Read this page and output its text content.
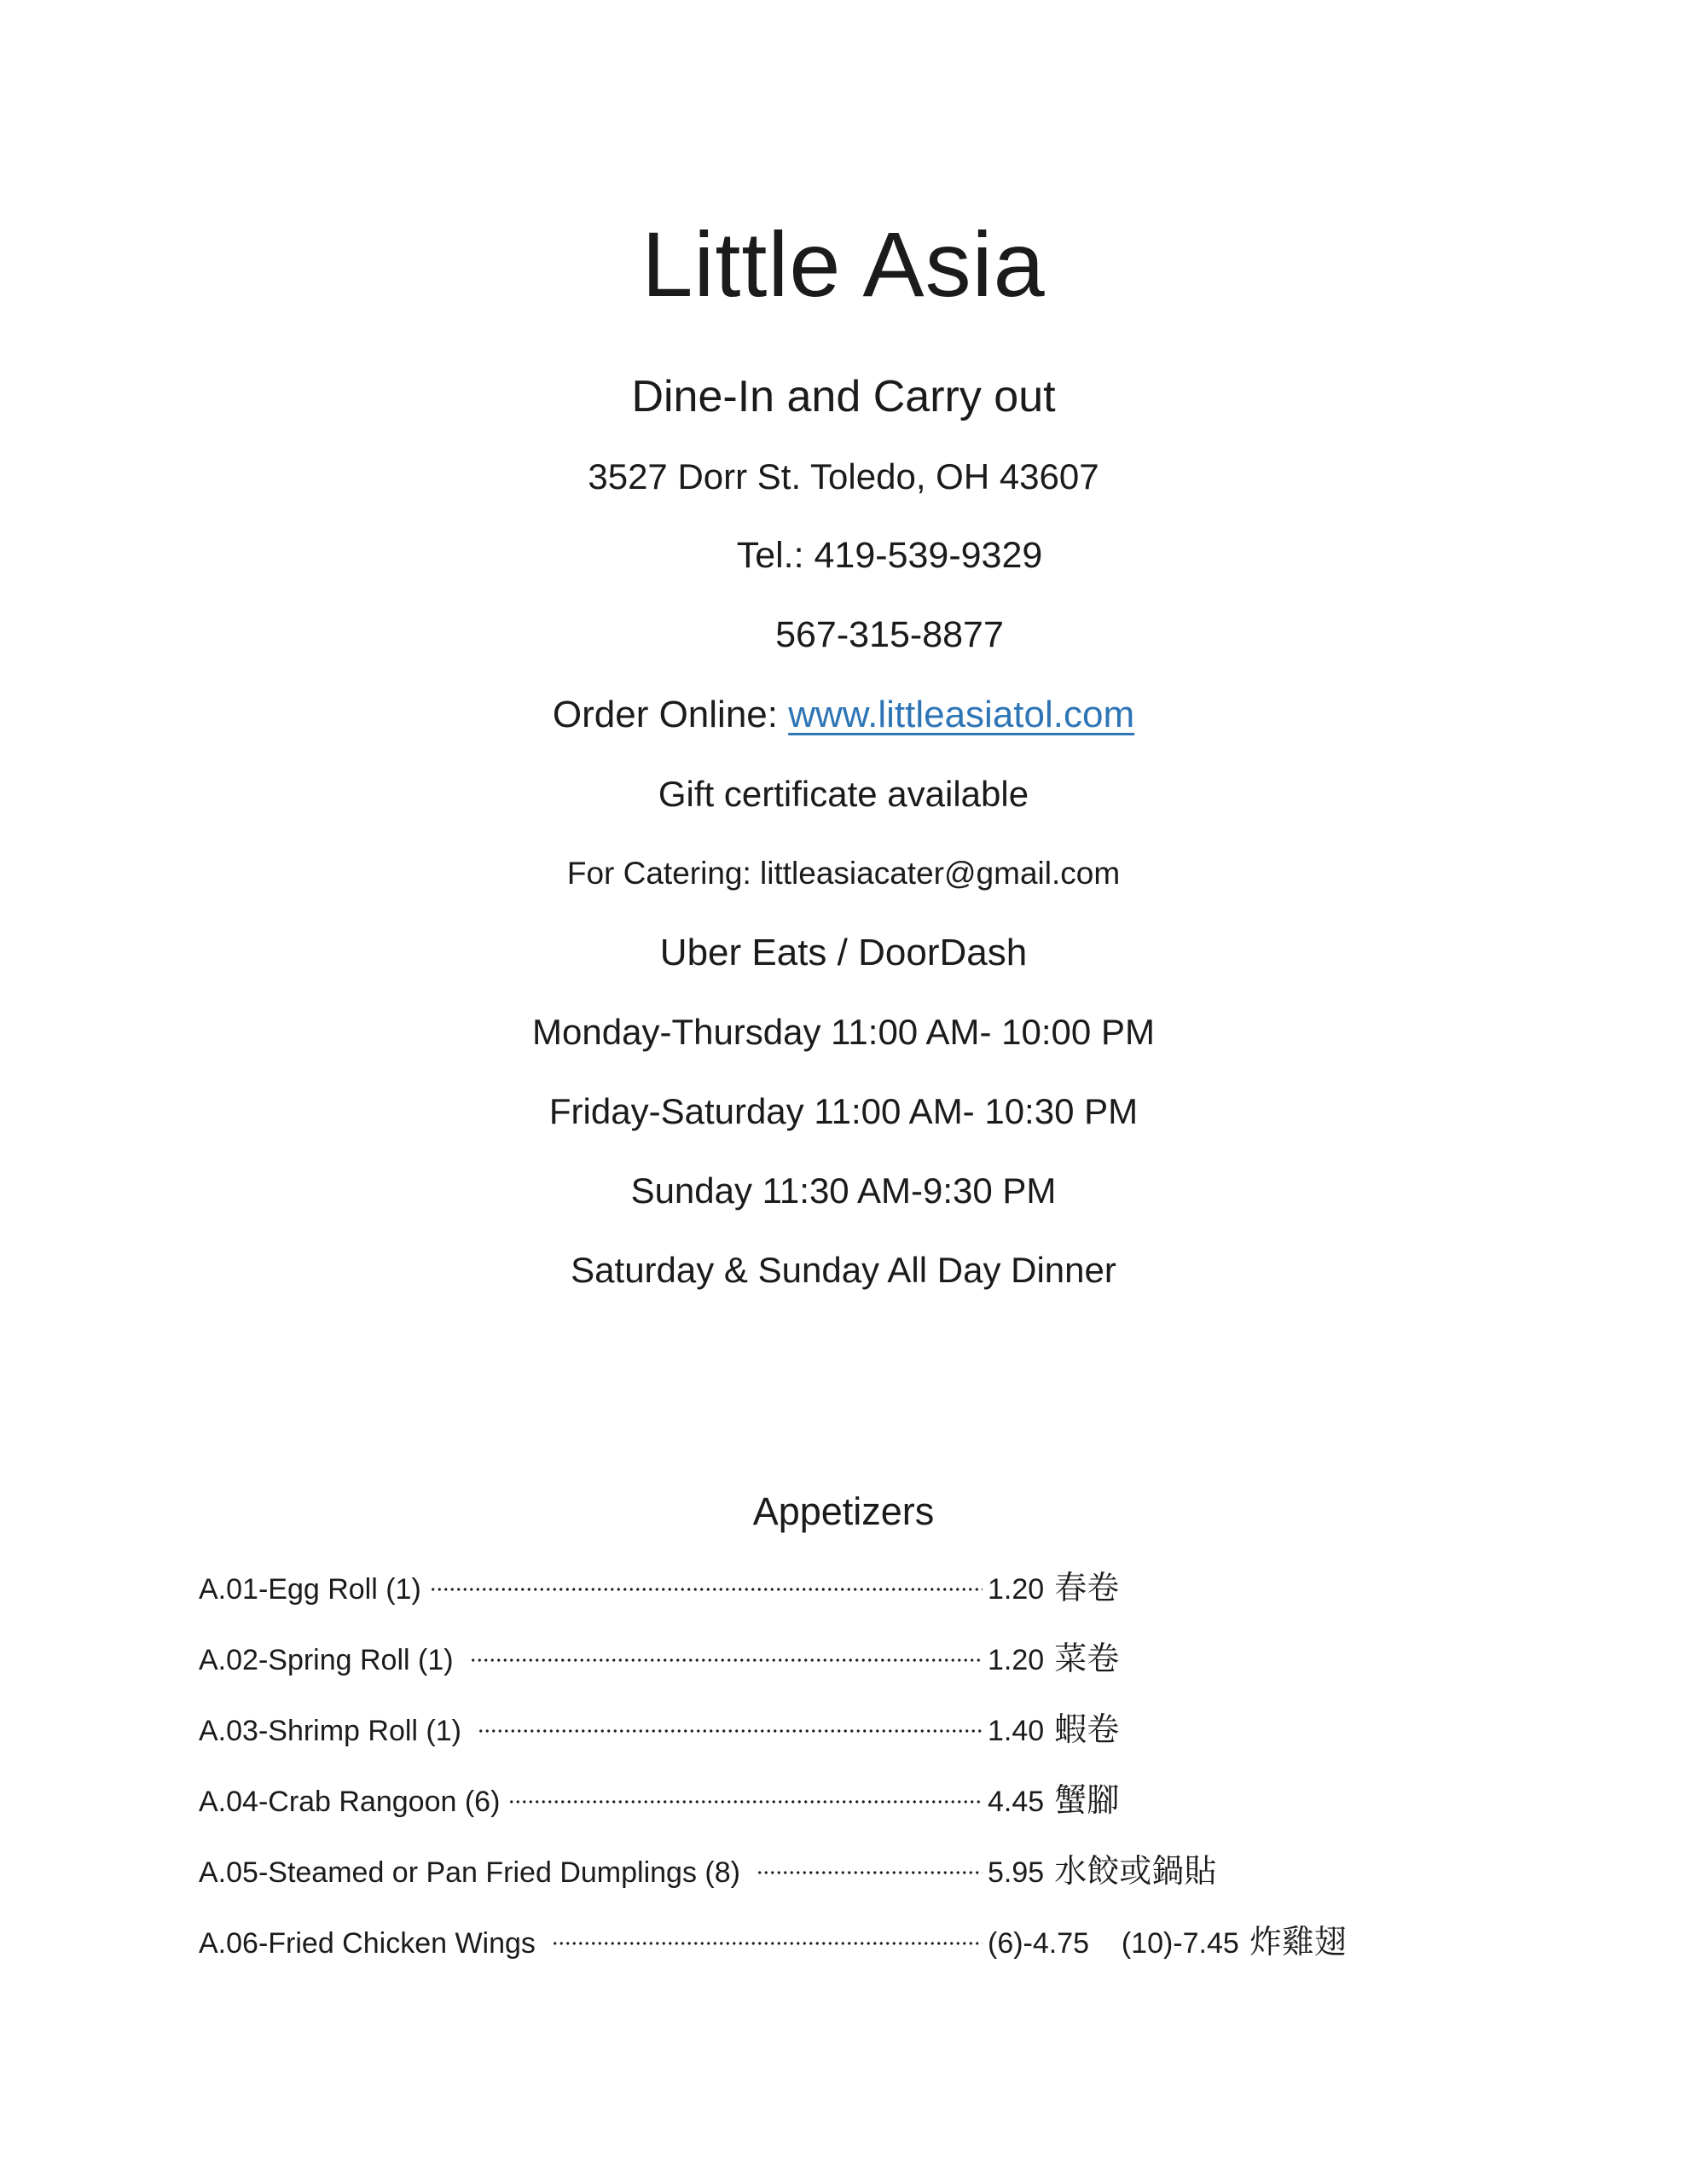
Little Asia

Dine-In and Carry out

3527 Dorr St. Toledo, OH 43607

Tel.: 419-539-9329

567-315-8877

Order Online: www.littleasiatol.com

Gift certificate available

For Catering: littleasiacater@gmail.com

Uber Eats / DoorDash

Monday-Thursday 11:00 AM- 10:00 PM

Friday-Saturday 11:00 AM- 10:30 PM

Sunday 11:30 AM-9:30 PM

Saturday & Sunday All Day Dinner

Appetizers
A.01-Egg Roll (1)	1.20 春卷
A.02-Spring Roll (1)	1.20 菜卷
A.03-Shrimp Roll (1)	1.40 蝦卷
A.04-Crab Rangoon (6)	4.45 蟹腳
A.05-Steamed or Pan Fried Dumplings (8)	5.95 水餃或鍋貼
A.06-Fried Chicken Wings	(6)-4.75    (10)-7.45 炸雞翅
